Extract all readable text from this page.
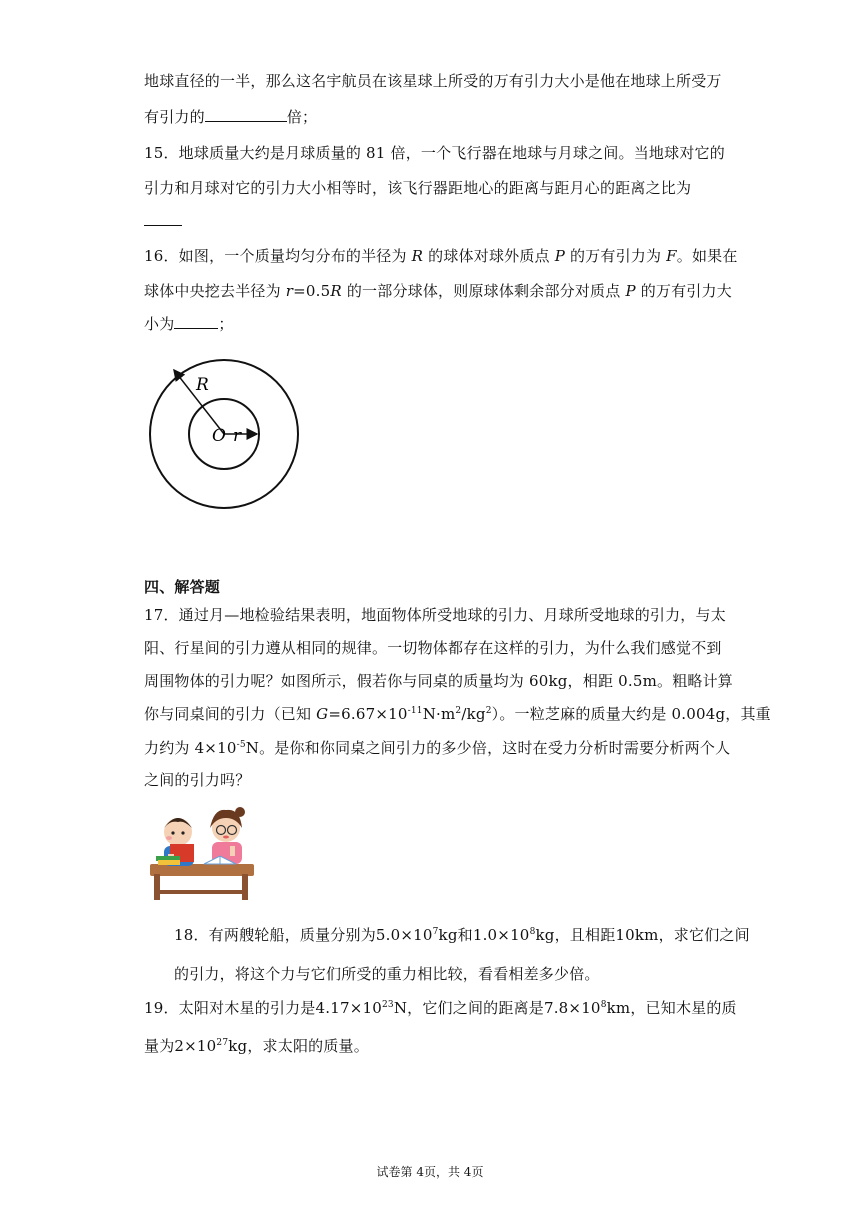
地球直径的一半，那么这名宇航员在该星球上所受的万有引力大小是他在地球上所受万
有引力的	倍；
15．地球质量大约是月球质量的 81 倍，一个飞行器在地球与月球之间。当地球对它的
引力和月球对它的引力大小相等时，该飞行器距地心的距离与距月心的距离之比为
16．如图，一个质量均匀分布的半径为 R 的球体对球外质点 P 的万有引力为 F。如果在
球体中央挖去半径为 r=0.5R 的一部分球体，则原球体剩余部分对质点 P 的万有引力大
小为	；
R
O r
四、解答题
17．通过月—地检验结果表明，地面物体所受地球的引力、月球所受地球的引力，与太
阳、行星间的引力遵从相同的规律。一切物体都存在这样的引力，为什么我们感觉不到
周围物体的引力呢？如图所示，假若你与同桌的质量均为 60kg，相距 0.5m。粗略计算
你与同桌间的引力（已知 $G=6.67\times 10^{-11}N\cdot m^2/kg^2$）。一粒芝麻的质量大约是 0.004g，其重
力约为 $4\times 10^{-5}N$。是你和你同桌之间引力的多少倍，这时在受力分析时需要分析两个人
之间的引力吗？
18．有两艘轮船，质量分别为$5.0\times 10^7kg$和$1.0\times 10^8kg$，且相距10km，求它们之间
的引力，将这个力与它们所受的重力相比较，看看相差多少倍。
19．太阳对木星的引力是$4.17\times 10^{23}N$，它们之间的距离是$7.8\times 10^8km$，已知木星的质
量为$2\times 10^{27}kg$，求太阳的质量。
试卷第 4页，共 4页
